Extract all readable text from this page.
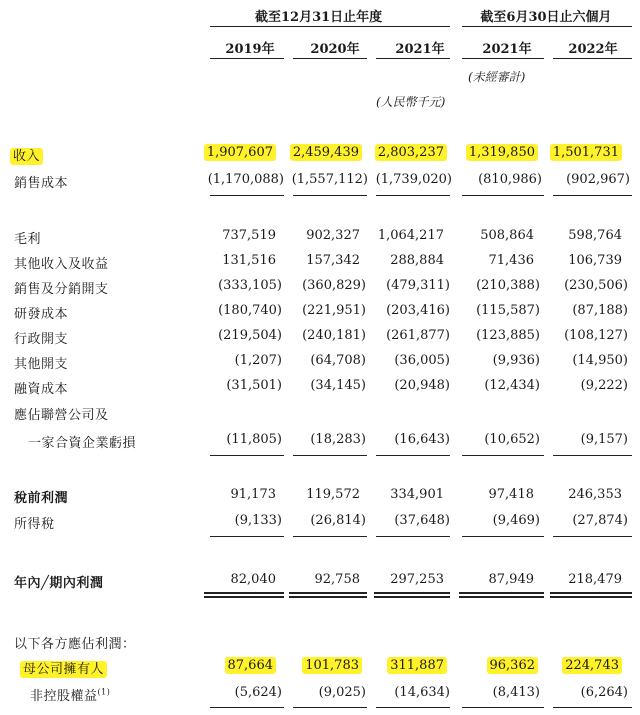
截至12月31日止年度	截至6月30日止六個月
2019年	2020年	2021年	2021年	2022年
(未經審計)
(人民幣千元)
收入	1,907,607 2,459,439 2,803,237 1,319,850 1,501,731
銷售成本	(1,170,088) (1,557,112) (1,739,020) (810,986) (902,967)
毛利	737,519 902,327 1,064,217	508,864	598,764
其他收入及收益	131,516 157,342 288,884	71,436	106,739
銷售及分銷開支	(333,105) (360,829) (479,311) (210,388) (230,506)
研發成本	(180,740) (221,951) (203,416) (115,587) (87,188)
行政開支	(219,504) (240,181) (261,877) (123,885) (108,127)
其他開支	(1,207) (64,708) (36,005)	(9,936) (14,950)
融資成本	(31,501) (34,145) (20,948)	(12,434)	(9,222)
應佔聯營公司及
一家合資企業虧損	(11,805) (18,283) (16,643)	(10,652)	(9,157)
稅前利潤	91,173 119,572 334,901	97,418	246,353
所得稅	(9,133) (26,814) (37,648)	(9,469) (27,874)
年內╱期內利潤	82,040	92,758 297,253	87,949	218,479
以下各方應佔利潤：
母公司擁有人	87,664 101,783 311,887	96,362 224,743
非控股權益$^{(1)}$	(5,624)	(9,025) (14,634)	(8,413)	(6,264)
